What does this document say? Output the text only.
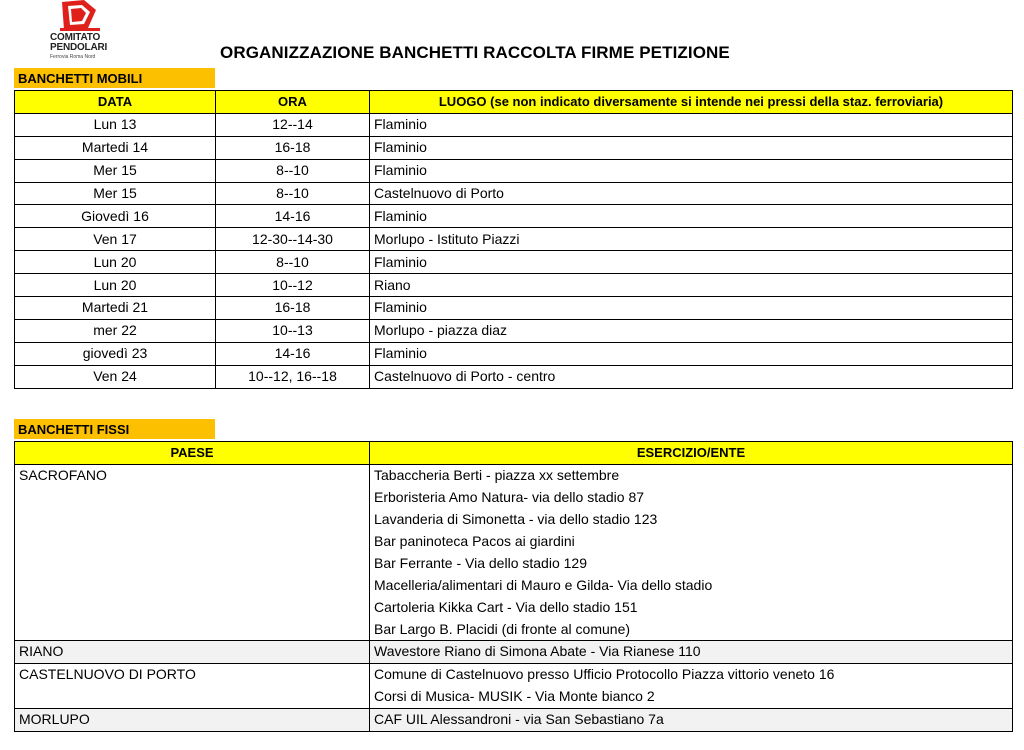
COMITATO
PENDOLARI
Ferrovia Roma Nord	ORGANIZZAZIONE BANCHETTI RACCOLTA FIRME PETIZIONE
BANCHETTI MOBILI
DATA	ORA	LUOGO (se non indicato diversamente si intende nei pressi della staz. ferroviaria)
Lun 13	12--14	Flaminio
Martedi 14	16-18	Flaminio
Mer 15	8--10	Flaminio
Mer 15	8--10	Castelnuovo di Porto
Giovedì 16	14-16	Flaminio
Ven 17	12-30--14-30	Morlupo - Istituto Piazzi
Lun 20	8--10	Flaminio
Lun 20	10--12	Riano
Martedi 21	16-18	Flaminio
mer 22	10--13	Morlupo - piazza diaz
giovedì 23	14-16	Flaminio
Ven 24	10--12, 16--18	Castelnuovo di Porto - centro
BANCHETTI FISSI
PAESE	ESERCIZIO/ENTE
SACROFANO	Tabaccheria Berti - piazza xx settembre
	Erboristeria Amo Natura- via dello stadio 87
	Lavanderia di Simonetta - via dello stadio 123
	Bar paninoteca Pacos ai giardini
	Bar Ferrante - Via dello stadio 129
	Macelleria/alimentari di Mauro e Gilda- Via dello stadio
	Cartoleria Kikka Cart - Via dello stadio 151
	Bar Largo B. Placidi (di fronte al comune)
RIANO	Wavestore Riano di Simona Abate - Via Rianese 110
CASTELNUOVO DI PORTO	Comune di Castelnuovo presso Ufficio Protocollo Piazza vittorio veneto 16
	Corsi di Musica- MUSIK - Via Monte bianco 2
MORLUPO	CAF UIL Alessandroni - via San Sebastiano 7a
